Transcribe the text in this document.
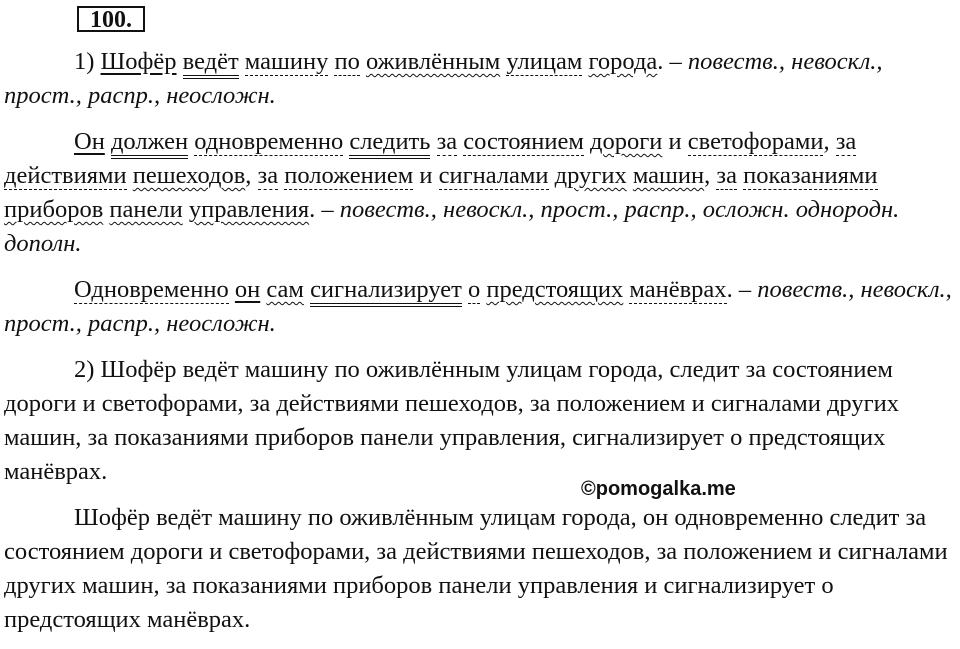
100.

1) Шофёр ведёт машину по оживлённым улицам города. – повеств., невоскл., прост., распр., неосложн.

Он должен одновременно следить за состоянием дороги и светофорами, за действиями пешеходов, за положением и сигналами других машин, за показаниями приборов панели управления. – повеств., невоскл., прост., распр., осложн. однородн. дополн.

Одновременно он сам сигнализирует о предстоящих манёврах. – повеств., невоскл., прост., распр., неосложн.

2) Шофёр ведёт машину по оживлённым улицам города, следит за состоянием дороги и светофорами, за действиями пешеходов, за положением и сигналами других машин, за показаниями приборов панели управления, сигнализирует о предстоящих манёврах.

Шофёр ведёт машину по оживлённым улицам города, он одновременно следит за состоянием дороги и светофорами, за действиями пешеходов, за положением и сигналами других машин, за показаниями приборов панели управления и сигнализирует о предстоящих манёврах.

©pomogalka.me
